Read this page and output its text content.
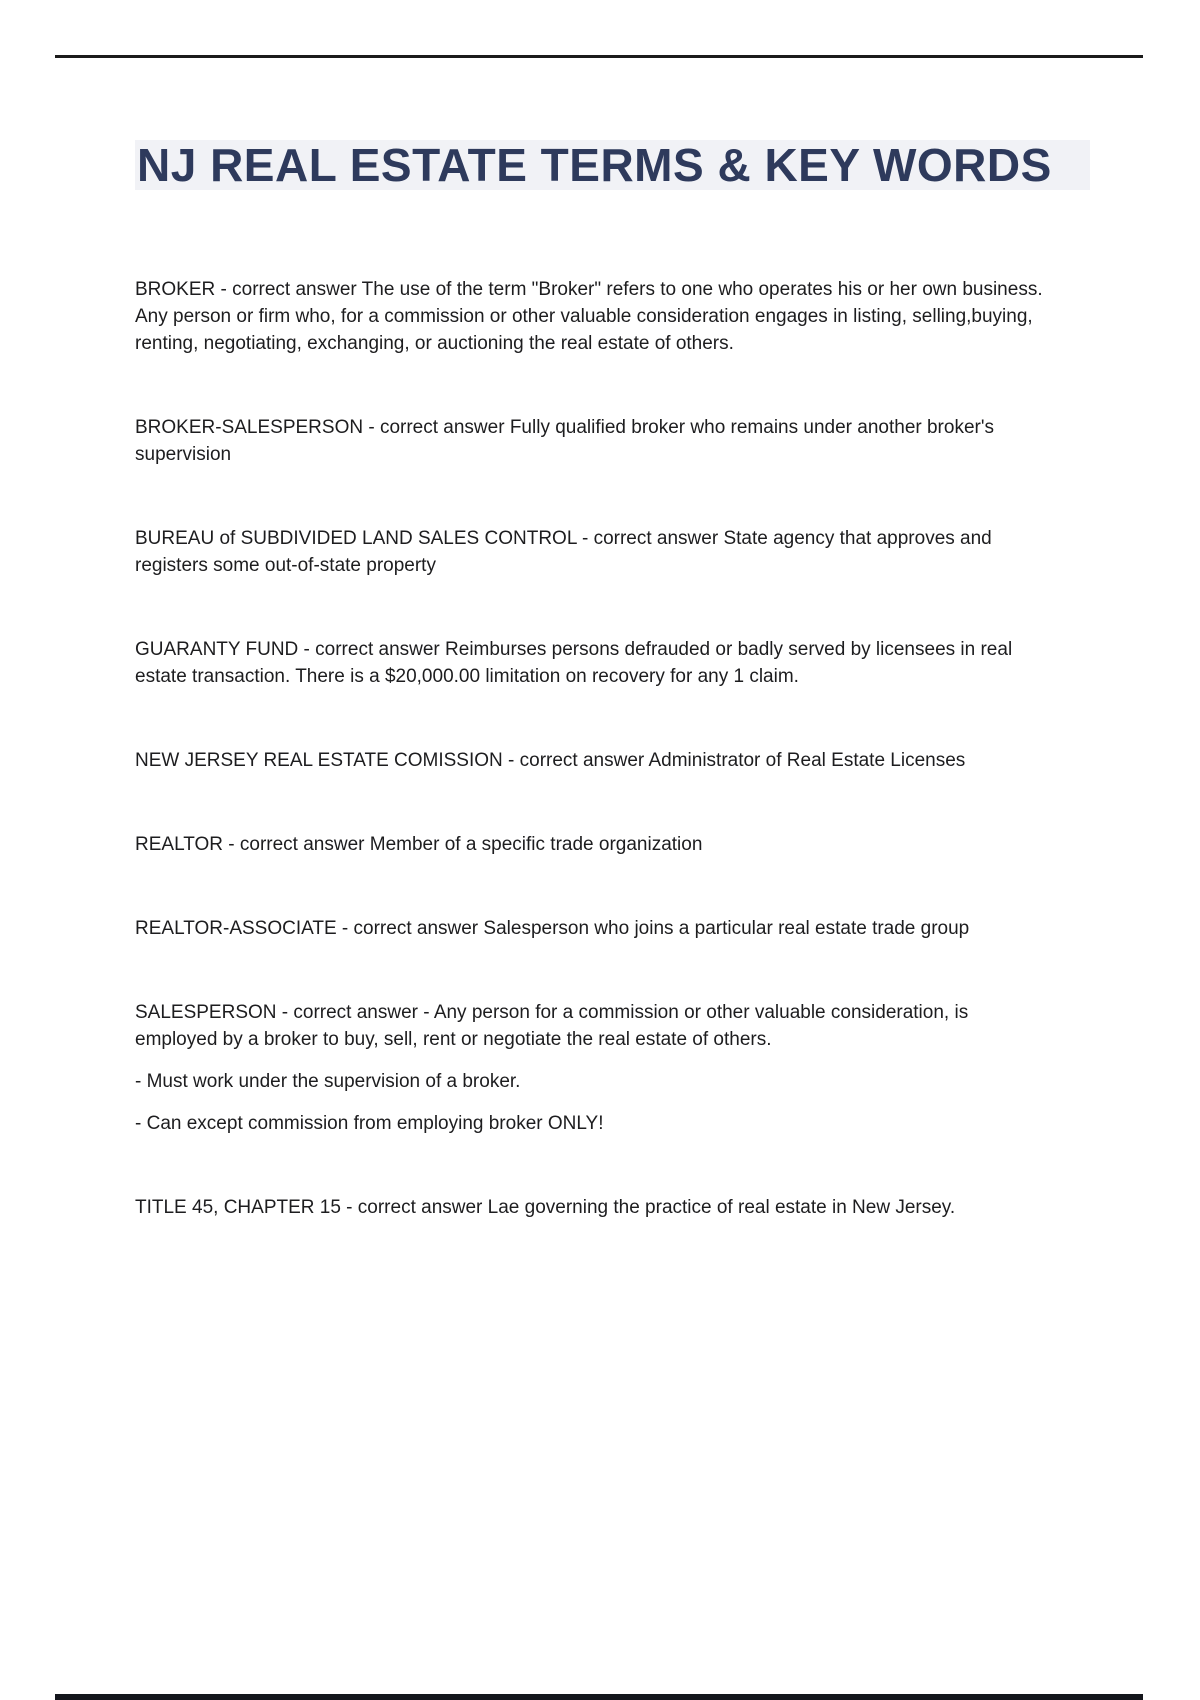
NJ REAL ESTATE TERMS & KEY WORDS

BROKER - correct answer The use of the term "Broker" refers to one who operates his or her own business. Any person or firm who, for a commission or other valuable consideration engages in listing, selling,buying, renting, negotiating, exchanging, or auctioning the real estate of others.

BROKER-SALESPERSON - correct answer Fully qualified broker who remains under another broker's supervision

BUREAU of SUBDIVIDED LAND SALES CONTROL - correct answer State agency that approves and registers some out-of-state property

GUARANTY FUND - correct answer Reimburses persons defrauded or badly served by licensees in real estate transaction. There is a $20,000.00 limitation on recovery for any 1 claim.

NEW JERSEY REAL ESTATE COMISSION - correct answer Administrator of Real Estate Licenses

REALTOR - correct answer Member of a specific trade organization

REALTOR-ASSOCIATE - correct answer Salesperson who joins a particular real estate trade group

SALESPERSON - correct answer - Any person for a commission or other valuable consideration, is employed by a broker to buy, sell, rent or negotiate the real estate of others.

- Must work under the supervision of a broker.

- Can except commission from employing broker ONLY!

TITLE 45, CHAPTER 15 - correct answer Lae governing the practice of real estate in New Jersey.
